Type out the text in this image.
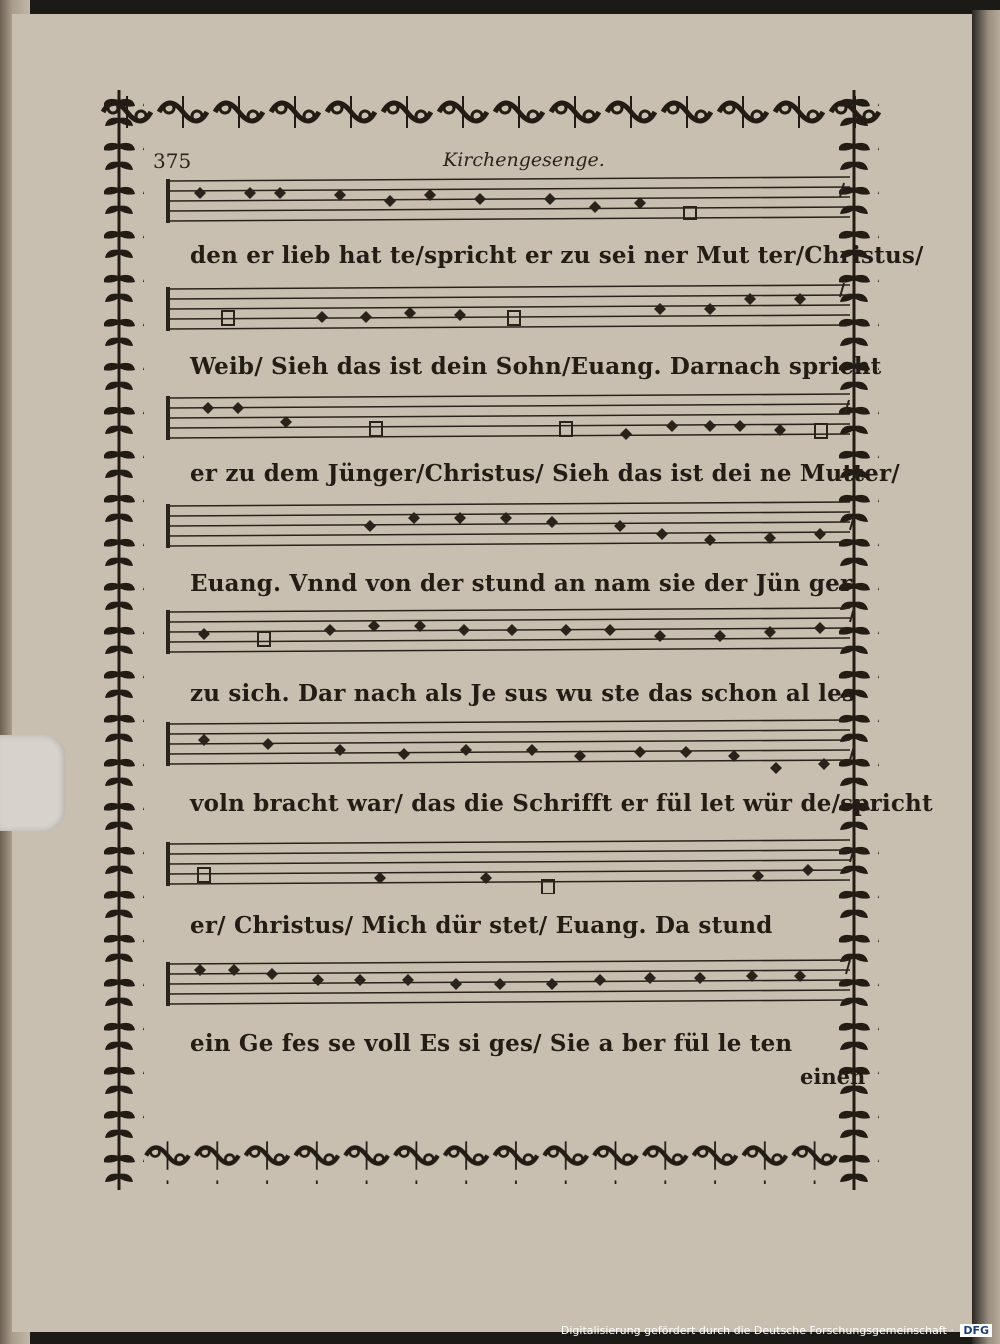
375	Kirchengesenge.
den er lieb hat te/spricht er zu sei ner Mut ter/Christus/
Weib/ Sieh das ist dein Sohn/Euang. Darnach spricht
er zu dem Jünger/Christus/ Sieh das ist dei ne Mutter/
Euang. Vnnd von der stund an nam sie der Jün ger
zu sich. Dar nach als Je sus wu ste das schon al les
voln bracht war/ das die Schrifft er fül let wür de/spricht
er/ Christus/ Mich dür stet/ Euang. Da stund
ein Ge fes se voll Es si ges/ Sie a ber fül le ten
einen
Digitalisierung gefördert durch die Deutsche Forschungsgemeinschaft · DFG
